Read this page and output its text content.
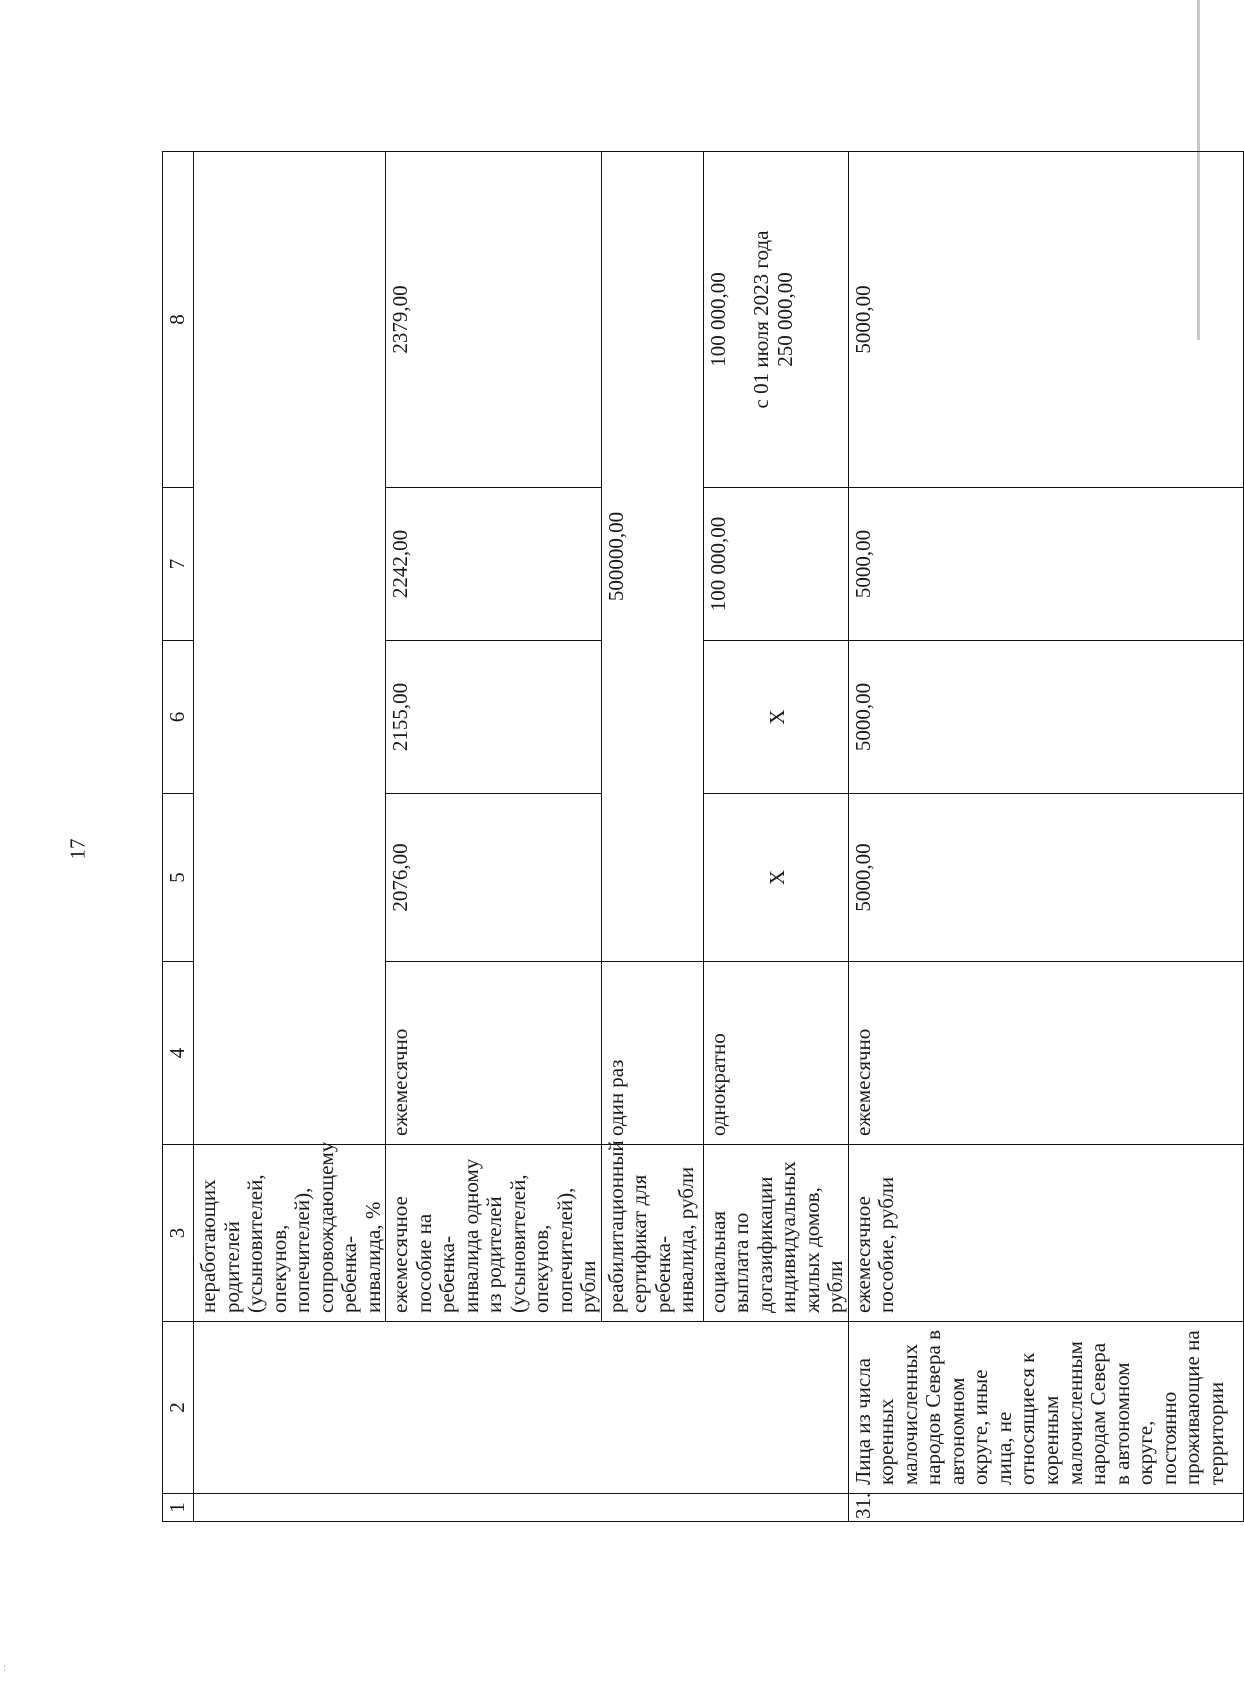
:
17
1	2	3	4	5	6	7	8
		неработающих родителей (усыновителей, опекунов, попечителей), сопровождающему ребенка-инвалида, %					
		ежемесячное пособие на ребенка-инвалида одному из родителей (усыновителей, опекунов, попечителей), рубли	ежемесячно	2076,00	2155,00	2242,00	2379,00
		реабилитационный сертификат для ребенка-инвалида, рубли	один раз	500000,00			
		социальная выплата по догазификации индивидуальных жилых домов, рубли	однократно	Х	Х	100 000,00	100 000,00 с 01 июля 2023 года 250 000,00

31.	Лица из числа коренных малочисленных народов Севера в автономном округе, иные лица, не относящиеся к коренным малочисленным народам Севера в автономном округе, постоянно проживающие на территории	ежемесячное пособие, рубли	ежемесячно	5000,00	5000,00	5000,00	5000,00
